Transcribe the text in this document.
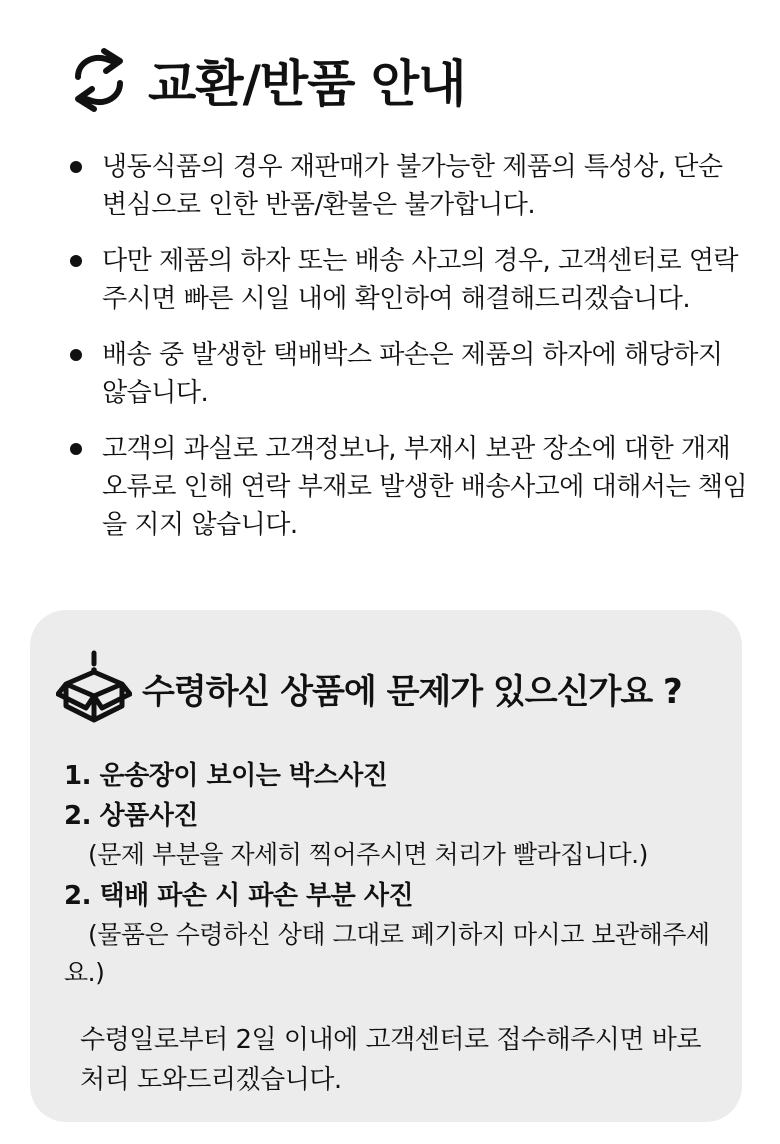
교환/반품 안내
냉동식품의 경우 재판매가 불가능한 제품의 특성상, 단순 변심으로 인한 반품/환불은 불가합니다.
다만 제품의 하자 또는 배송 사고의 경우, 고객센터로 연락주시면 빠른 시일 내에 확인하여 해결해드리겠습니다.
배송 중 발생한 택배박스 파손은 제품의 하자에 해당하지 않습니다.
고객의 과실로 고객정보나, 부재시 보관 장소에 대한 개재 오류로 인해 연락 부재로 발생한 배송사고에 대해서는 책임을 지지 않습니다.
수령하신 상품에 문제가 있으신가요 ?
1. 운송장이 보이는 박스사진
2. 상품사진
(문제 부분을 자세히 찍어주시면 처리가 빨라집니다.)
2. 택배 파손 시 파손 부분 사진
(물품은 수령하신 상태 그대로 폐기하지 마시고 보관해주세요.)
수령일로부터 2일 이내에 고객센터로 접수해주시면 바로 처리 도와드리겠습니다.
